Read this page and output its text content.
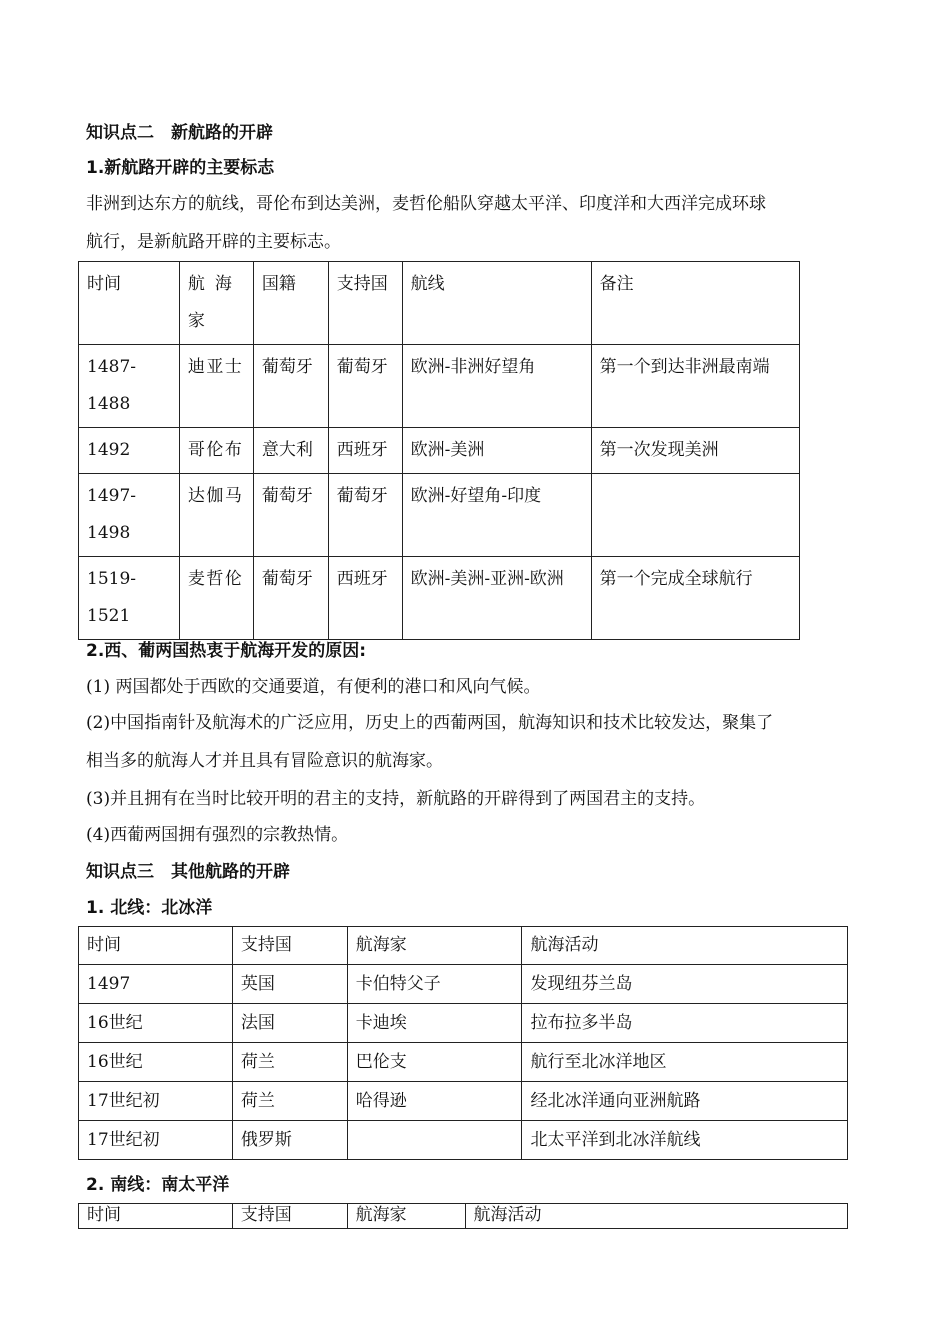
知识点二　新航路的开辟
1.新航路开辟的主要标志
非洲到达东方的航线，哥伦布到达美洲，麦哲伦船队穿越太平洋、印度洋和大西洋完成环球
航行，是新航路开辟的主要标志。
时间	航海家	国籍	支持国	航线	备注
1487-1488	迪亚士	葡萄牙	葡萄牙	欧洲-非洲好望角	第一个到达非洲最南端
1492	哥伦布	意大利	西班牙	欧洲-美洲	第一次发现美洲
1497-1498	达伽马	葡萄牙	葡萄牙	欧洲-好望角-印度	
1519-1521	麦哲伦	葡萄牙	西班牙	欧洲-美洲-亚洲-欧洲	第一个完成全球航行
2.西、葡两国热衷于航海开发的原因:
(1) 两国都处于西欧的交通要道，有便利的港口和风向气候。
(2)中国指南针及航海术的广泛应用，历史上的西葡两国，航海知识和技术比较发达，聚集了
相当多的航海人才并且具有冒险意识的航海家。
(3)并且拥有在当时比较开明的君主的支持，新航路的开辟得到了两国君主的支持。
(4)西葡两国拥有强烈的宗教热情。
知识点三　其他航路的开辟
1. 北线：北冰洋
时间	支持国	航海家	航海活动
1497	英国	卡伯特父子	发现纽芬兰岛
16世纪	法国	卡迪埃	拉布拉多半岛
16世纪	荷兰	巴伦支	航行至北冰洋地区
17世纪初	荷兰	哈得逊	经北冰洋通向亚洲航路
17世纪初	俄罗斯		北太平洋到北冰洋航线
2. 南线：南太平洋
时间	支持国	航海家	航海活动
